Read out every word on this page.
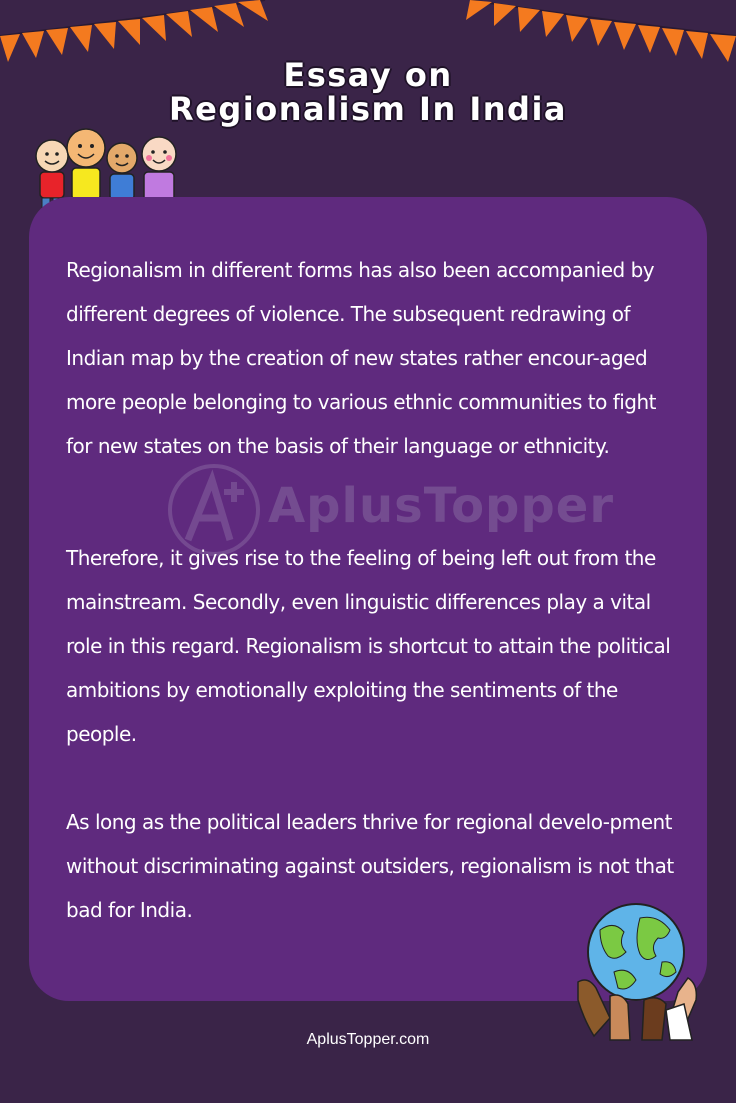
Essay on
Regionalism In India
AplusTopper

Regionalism in different forms has also been accompanied by different degrees of violence. The subsequent redrawing of Indian map by the creation of new states rather encour-aged more people belonging to various ethnic communities to fight for new states on the basis of their language or ethnicity.

Therefore, it gives rise to the feeling of being left out from the mainstream. Secondly, even linguistic differences play a vital role in this regard. Regionalism is shortcut to attain the political ambitions by emotionally exploiting the sentiments of the people.

As long as the political leaders thrive for regional develo-pment without discriminating against outsiders, regionalism is not that bad for India.

AplusTopper.com
